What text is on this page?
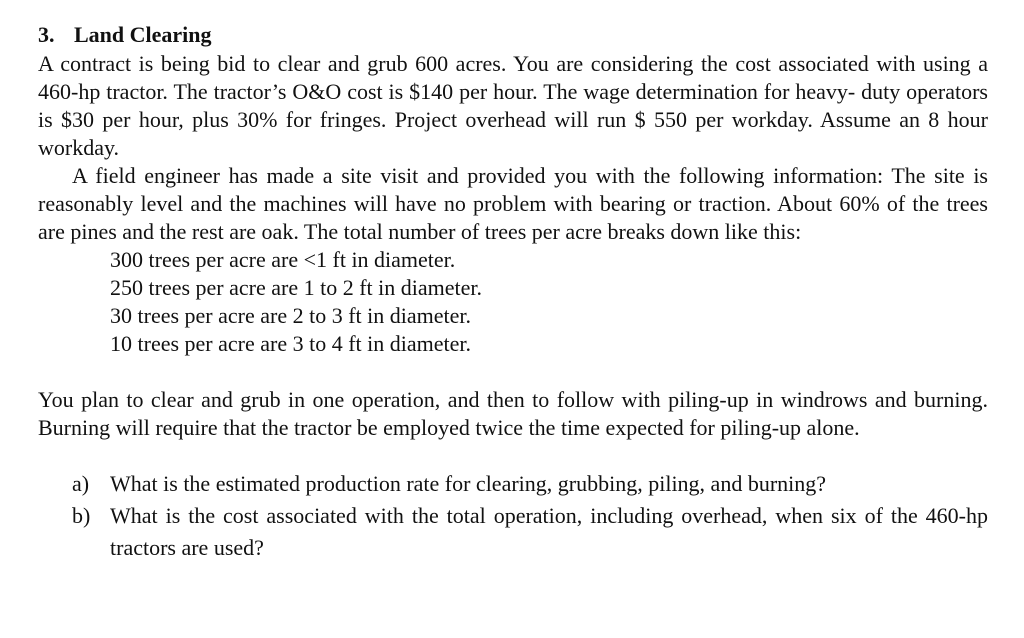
3. Land Clearing

A contract is being bid to clear and grub 600 acres. You are considering the cost associated with using a 460-hp tractor. The tractor’s O&O cost is $140 per hour. The wage determination for heavy- duty operators is $30 per hour, plus 30% for fringes. Project overhead will run $ 550 per workday. Assume an 8 hour workday.

A field engineer has made a site visit and provided you with the following information: The site is reasonably level and the machines will have no problem with bearing or traction. About 60% of the trees are pines and the rest are oak. The total number of trees per acre breaks down like this:

300 trees per acre are <1 ft in diameter.
250 trees per acre are 1 to 2 ft in diameter.
30 trees per acre are 2 to 3 ft in diameter.
10 trees per acre are 3 to 4 ft in diameter.

You plan to clear and grub in one operation, and then to follow with piling-up in windrows and burning. Burning will require that the tractor be employed twice the time expected for piling-up alone.

a) What is the estimated production rate for clearing, grubbing, piling, and burning?
b) What is the cost associated with the total operation, including overhead, when six of the 460-hp tractors are used?
